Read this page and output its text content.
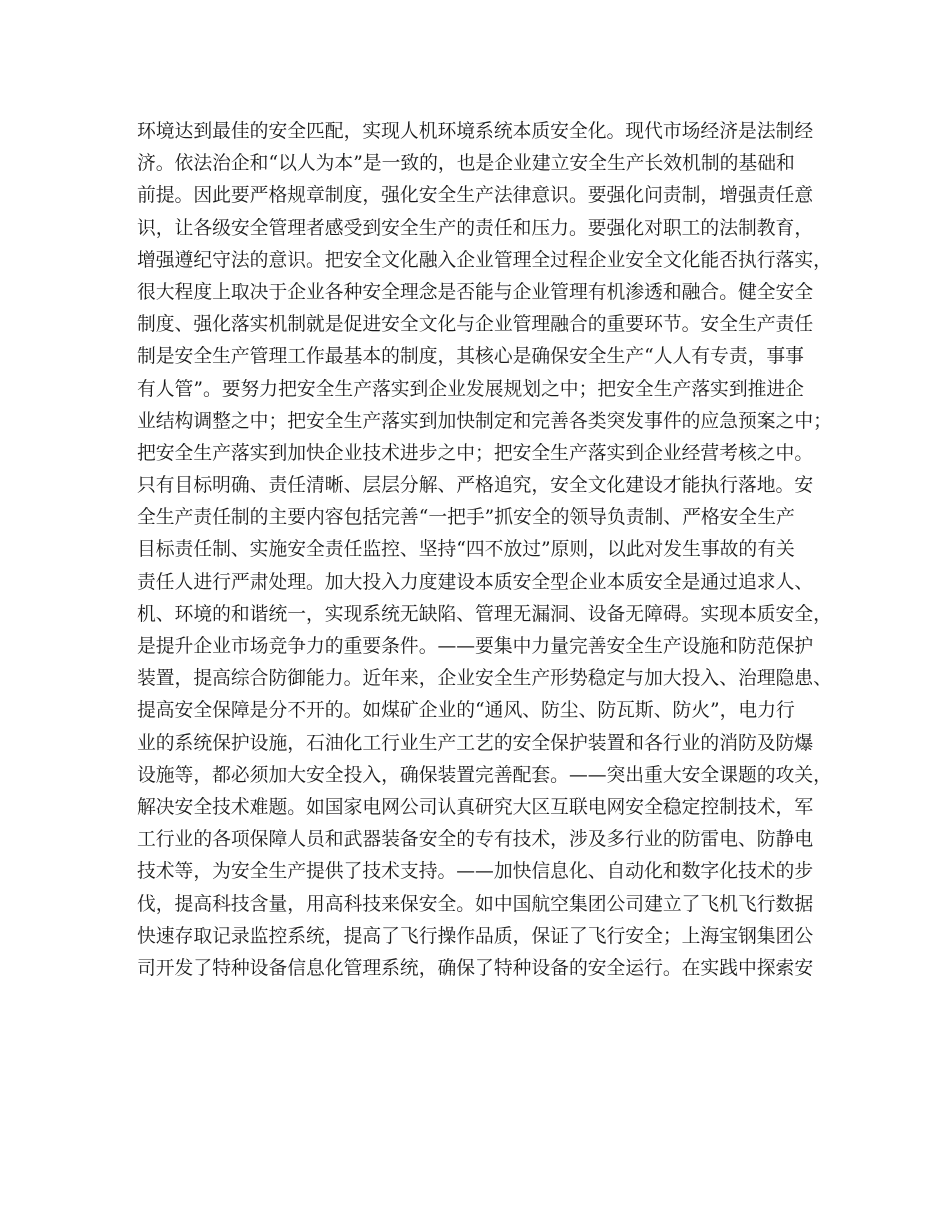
环境达到最佳的安全匹配，实现人机环境系统本质安全化。现代市场经济是法制经
济。依法治企和“以人为本”是一致的，也是企业建立安全生产长效机制的基础和
前提。因此要严格规章制度，强化安全生产法律意识。要强化问责制，增强责任意
识，让各级安全管理者感受到安全生产的责任和压力。要强化对职工的法制教育，
增强遵纪守法的意识。把安全文化融入企业管理全过程企业安全文化能否执行落实，
很大程度上取决于企业各种安全理念是否能与企业管理有机渗透和融合。健全安全
制度、强化落实机制就是促进安全文化与企业管理融合的重要环节。安全生产责任
制是安全生产管理工作最基本的制度，其核心是确保安全生产“人人有专责，事事
有人管”。要努力把安全生产落实到企业发展规划之中；把安全生产落实到推进企
业结构调整之中；把安全生产落实到加快制定和完善各类突发事件的应急预案之中；
把安全生产落实到加快企业技术进步之中；把安全生产落实到企业经营考核之中。
只有目标明确、责任清晰、层层分解、严格追究，安全文化建设才能执行落地。安
全生产责任制的主要内容包括完善“一把手”抓安全的领导负责制、严格安全生产
目标责任制、实施安全责任监控、坚持“四不放过”原则，以此对发生事故的有关
责任人进行严肃处理。加大投入力度建设本质安全型企业本质安全是通过追求人、
机、环境的和谐统一，实现系统无缺陷、管理无漏洞、设备无障碍。实现本质安全，
是提升企业市场竞争力的重要条件。——要集中力量完善安全生产设施和防范保护
装置，提高综合防御能力。近年来，企业安全生产形势稳定与加大投入、治理隐患、
提高安全保障是分不开的。如煤矿企业的“通风、防尘、防瓦斯、防火”，电力行
业的系统保护设施，石油化工行业生产工艺的安全保护装置和各行业的消防及防爆
设施等，都必须加大安全投入，确保装置完善配套。——突出重大安全课题的攻关，
解决安全技术难题。如国家电网公司认真研究大区互联电网安全稳定控制技术，军
工行业的各项保障人员和武器装备安全的专有技术，涉及多行业的防雷电、防静电
技术等，为安全生产提供了技术支持。——加快信息化、自动化和数字化技术的步
伐，提高科技含量，用高科技来保安全。如中国航空集团公司建立了飞机飞行数据
快速存取记录监控系统，提高了飞行操作品质，保证了飞行安全；上海宝钢集团公
司开发了特种设备信息化管理系统，确保了特种设备的安全运行。在实践中探索安
